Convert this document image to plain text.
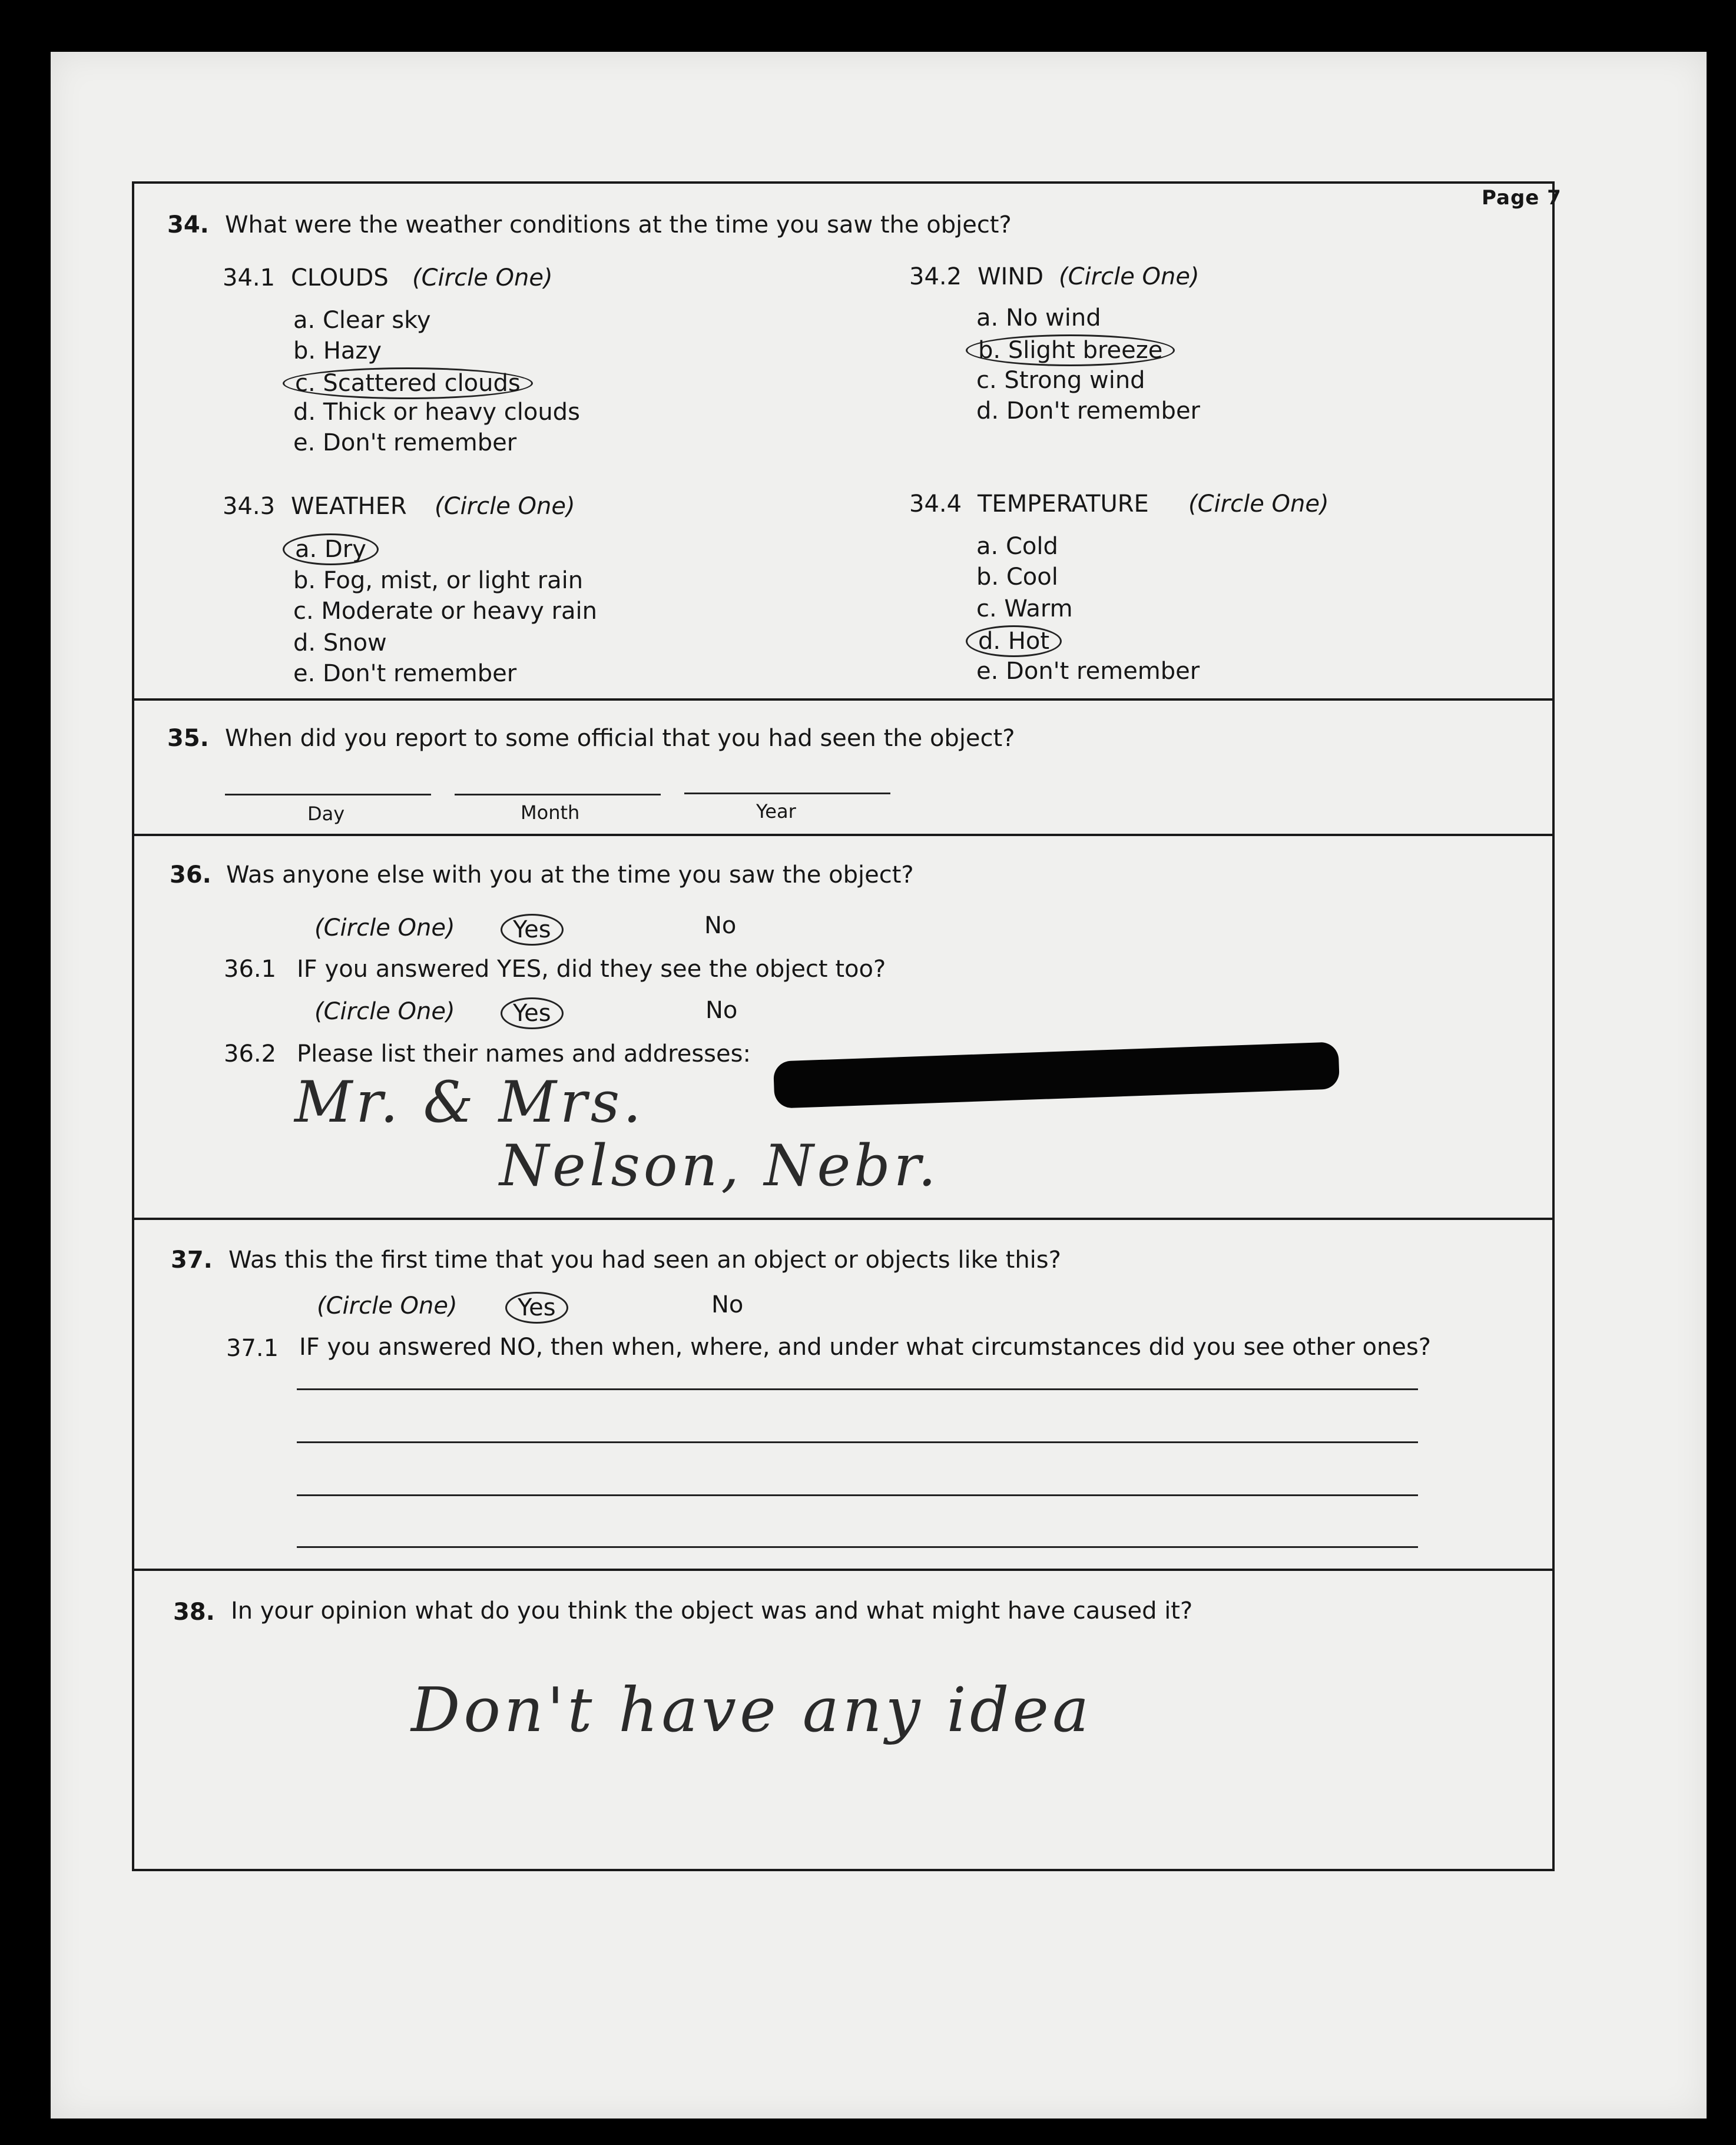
Page 7
34. What were the weather conditions at the time you saw the object?
34.1 CLOUDS (Circle One)
a. Clear sky
b. Hazy
c. Scattered clouds
d. Thick or heavy clouds
e. Don't remember
34.2 WIND (Circle One)
a. No wind
b. Slight breeze
c. Strong wind
d. Don't remember
34.3 WEATHER (Circle One)
a. Dry
b. Fog, mist, or light rain
c. Moderate or heavy rain
d. Snow
e. Don't remember
34.4 TEMPERATURE (Circle One)
a. Cold
b. Cool
c. Warm
d. Hot
e. Don't remember
35. When did you report to some official that you had seen the object?
Day	Month	Year
36. Was anyone else with you at the time you saw the object?
(Circle One)	Yes	No
36.1 IF you answered YES, did they see the object too?
(Circle One)	Yes	No
36.2 Please list their names and addresses:
Mr. & Mrs.
Nelson, Nebr.
37. Was this the first time that you had seen an object or objects like this?
(Circle One)	Yes	No
37.1 IF you answered NO, then when, where, and under what circumstances did you see other ones?
38. In your opinion what do you think the object was and what might have caused it?
Don't have any idea
